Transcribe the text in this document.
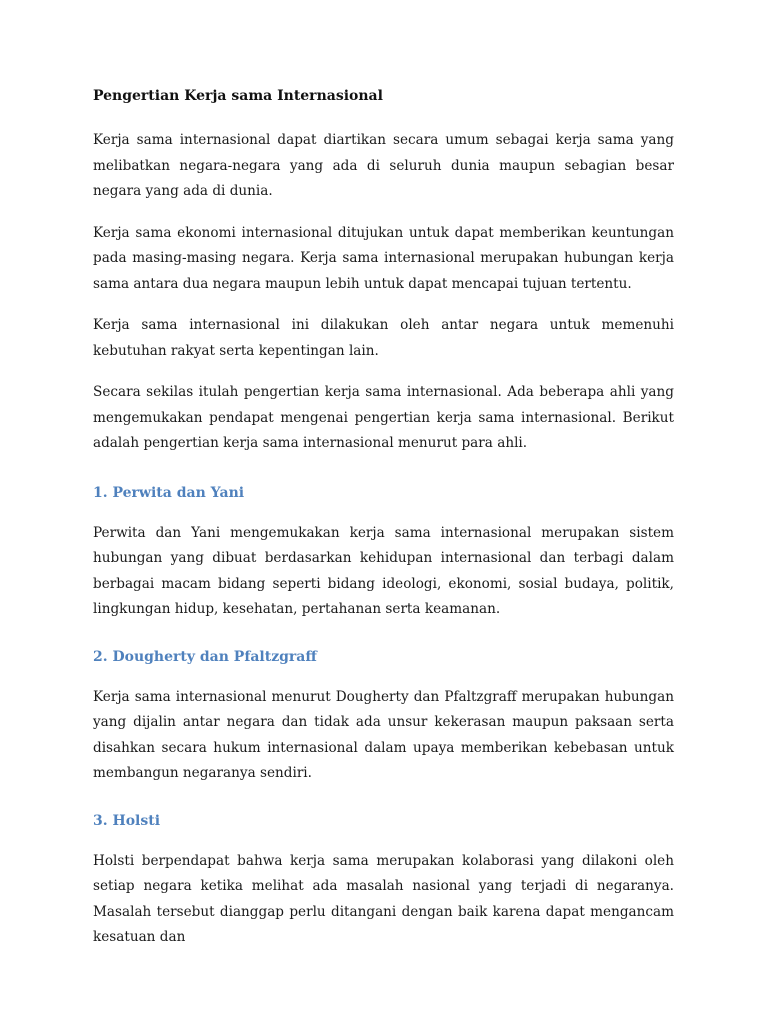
Pengertian Kerja sama Internasional

Kerja sama internasional dapat diartikan secara umum sebagai kerja sama yang melibatkan negara-negara yang ada di seluruh dunia maupun sebagian besar negara yang ada di dunia.

Kerja sama ekonomi internasional ditujukan untuk dapat memberikan keuntungan pada masing-masing negara. Kerja sama internasional merupakan hubungan kerja sama antara dua negara maupun lebih untuk dapat mencapai tujuan tertentu.

Kerja sama internasional ini dilakukan oleh antar negara untuk memenuhi kebutuhan rakyat serta kepentingan lain.

Secara sekilas itulah pengertian kerja sama internasional. Ada beberapa ahli yang mengemukakan pendapat mengenai pengertian kerja sama internasional. Berikut adalah pengertian kerja sama internasional menurut para ahli.

1. Perwita dan Yani

Perwita dan Yani mengemukakan kerja sama internasional merupakan sistem hubungan yang dibuat berdasarkan kehidupan internasional dan terbagi dalam berbagai macam bidang seperti bidang ideologi, ekonomi, sosial budaya, politik, lingkungan hidup, kesehatan, pertahanan serta keamanan.

2. Dougherty dan Pfaltzgraff

Kerja sama internasional menurut Dougherty dan Pfaltzgraff merupakan hubungan yang dijalin antar negara dan tidak ada unsur kekerasan maupun paksaan serta disahkan secara hukum internasional dalam upaya memberikan kebebasan untuk membangun negaranya sendiri.

3. Holsti

Holsti berpendapat bahwa kerja sama merupakan kolaborasi yang dilakoni oleh setiap negara ketika melihat ada masalah nasional yang terjadi di negaranya. Masalah tersebut dianggap perlu ditangani dengan baik karena dapat mengancam kesatuan dan
